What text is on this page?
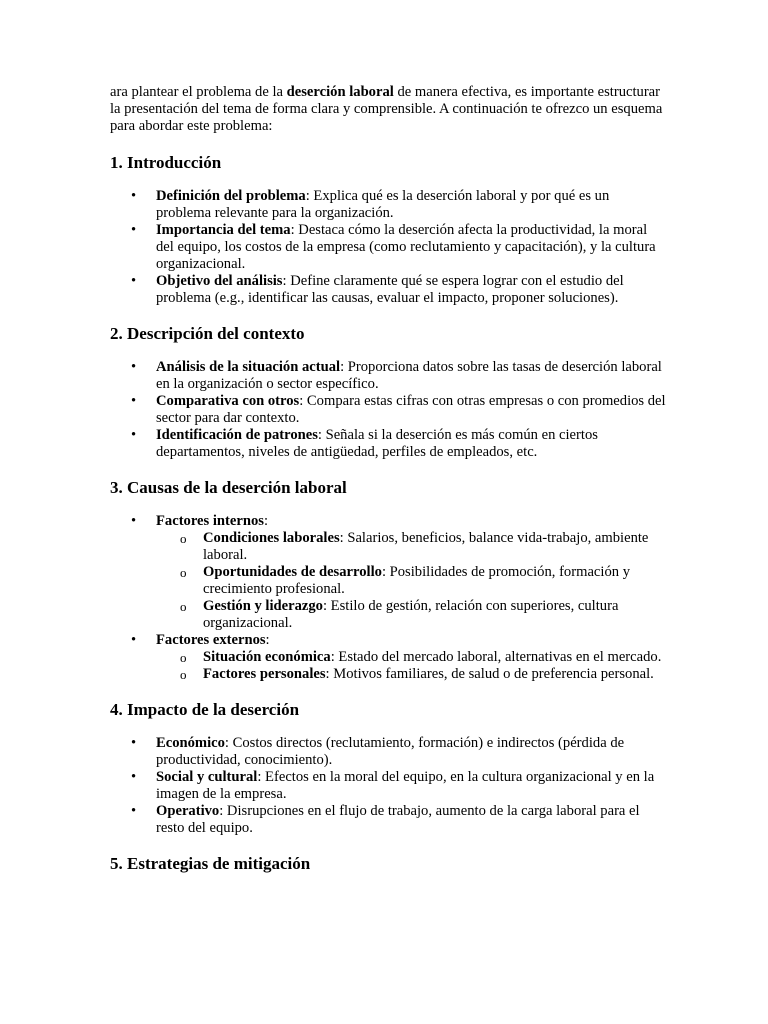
ara plantear el problema de la deserción laboral de manera efectiva, es importante estructurar la presentación del tema de forma clara y comprensible. A continuación te ofrezco un esquema para abordar este problema:

1. Introducción
• Definición del problema: Explica qué es la deserción laboral y por qué es un problema relevante para la organización.
• Importancia del tema: Destaca cómo la deserción afecta la productividad, la moral del equipo, los costos de la empresa (como reclutamiento y capacitación), y la cultura organizacional.
• Objetivo del análisis: Define claramente qué se espera lograr con el estudio del problema (e.g., identificar las causas, evaluar el impacto, proponer soluciones).
2. Descripción del contexto
• Análisis de la situación actual: Proporciona datos sobre las tasas de deserción laboral en la organización o sector específico.
• Comparativa con otros: Compara estas cifras con otras empresas o con promedios del sector para dar contexto.
• Identificación de patrones: Señala si la deserción es más común en ciertos departamentos, niveles de antigüedad, perfiles de empleados, etc.
3. Causas de la deserción laboral
• Factores internos:
o Condiciones laborales: Salarios, beneficios, balance vida-trabajo, ambiente laboral.
o Oportunidades de desarrollo: Posibilidades de promoción, formación y crecimiento profesional.
o Gestión y liderazgo: Estilo de gestión, relación con superiores, cultura organizacional.
• Factores externos:
o Situación económica: Estado del mercado laboral, alternativas en el mercado.
o Factores personales: Motivos familiares, de salud o de preferencia personal.
4. Impacto de la deserción
• Económico: Costos directos (reclutamiento, formación) e indirectos (pérdida de productividad, conocimiento).
• Social y cultural: Efectos en la moral del equipo, en la cultura organizacional y en la imagen de la empresa.
• Operativo: Disrupciones en el flujo de trabajo, aumento de la carga laboral para el resto del equipo.
5. Estrategias de mitigación
